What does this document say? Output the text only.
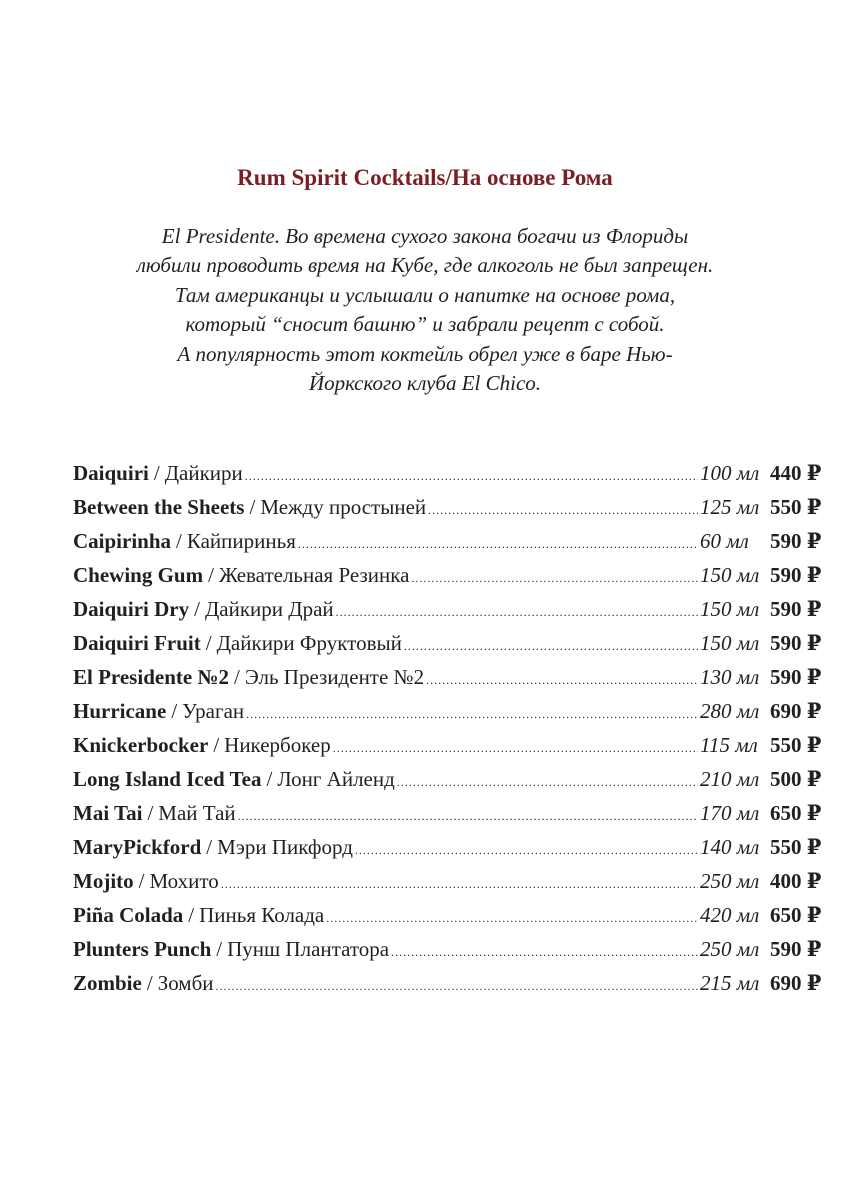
Rum Spirit Cocktails/На основе Рома
El Presidente. Во времена сухого закона богачи из Флориды
любили проводить время на Кубе, где алкоголь не был запрещен.
Там американцы и услышали о напитке на основе рома,
который “сносит башню” и забрали рецепт с собой.
А популярность этот коктейль обрел уже в баре Нью-
Йоркского клуба El Chico.
Daiquiri / Дайкири .....	100 мл 440 ₽
Between the Sheets / Между простыней .....	125 мл 550 ₽
Caipirinha / Кайпиринья .....	60 мл	590 ₽
Chewing Gum / Жевательная Резинка .....	150 мл 590 ₽
Daiquiri Dry / Дайкири Драй .....	150 мл 590 ₽
Daiquiri Fruit / Дайкири Фруктовый .....	150 мл 590 ₽
El Presidente №2 / Эль Президенте №2 .....	130 мл 590 ₽
Hurricane / Ураган .....	280 мл 690 ₽
Knickerbocker / Никербокер .....	115 мл 550 ₽
Long Island Iced Tea / Лонг Айленд .....	210 мл 500 ₽
Mai Tai / Май Тай .....	170 мл 650 ₽
MaryPickford / Мэри Пикфорд .....	140 мл 550 ₽
Mojito / Мохито .....	250 мл 400 ₽
Piña Colada / Пинья Колада .....	420 мл 650 ₽
Plunters Punch / Пунш Плантатора .....	250 мл 590 ₽
Zombie / Зомби .....	215 мл 690 ₽
